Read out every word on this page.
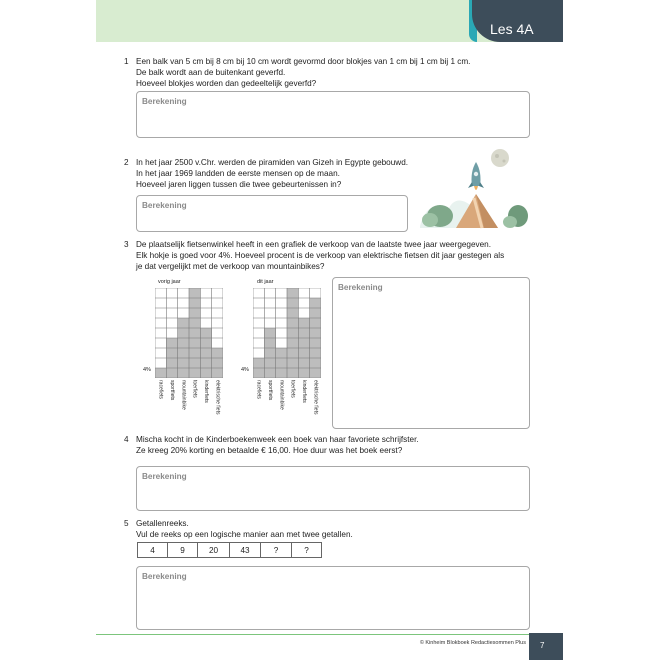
Les 4A
1 Een balk van 5 cm bij 8 cm bij 10 cm wordt gevormd door blokjes van 1 cm bij 1 cm bij 1 cm.
De balk wordt aan de buitenkant geverfd.
Hoeveel blokjes worden dan gedeeltelijk geverfd?
Berekening
2 In het jaar 2500 v.Chr. werden de piramiden van Gizeh in Egypte gebouwd.
In het jaar 1969 landden de eerste mensen op de maan.
Hoeveel jaren liggen tussen die twee gebeurtenissen in?
Berekening
3 De plaatselijk fietsenwinkel heeft in een grafiek de verkoop van de laatste twee jaar weergegeven.
Elk hokje is goed voor 4%. Hoeveel procent is de verkoop van elektrische fietsen dit jaar gestegen als
je dat vergelijkt met de verkoop van mountainbikes?
vorig jaar
4%
racefiets sportfiets mountainbike toerfiets kinderfiets elektrische fiets
dit jaar
4%
racefiets sportfiets mountainbike toerfiets kinderfiets elektrische fiets
Berekening
4 Mischa kocht in de Kinderboekenweek een boek van haar favoriete schrijfster.
Ze kreeg 20% korting en betaalde € 16,00. Hoe duur was het boek eerst?
Berekening
5 Getallenreeks.
Vul de reeks op een logische manier aan met twee getallen.
4	9	20	43	?	?
Berekening
© Kinheim Blokboek Redactiesommen Plus 7
